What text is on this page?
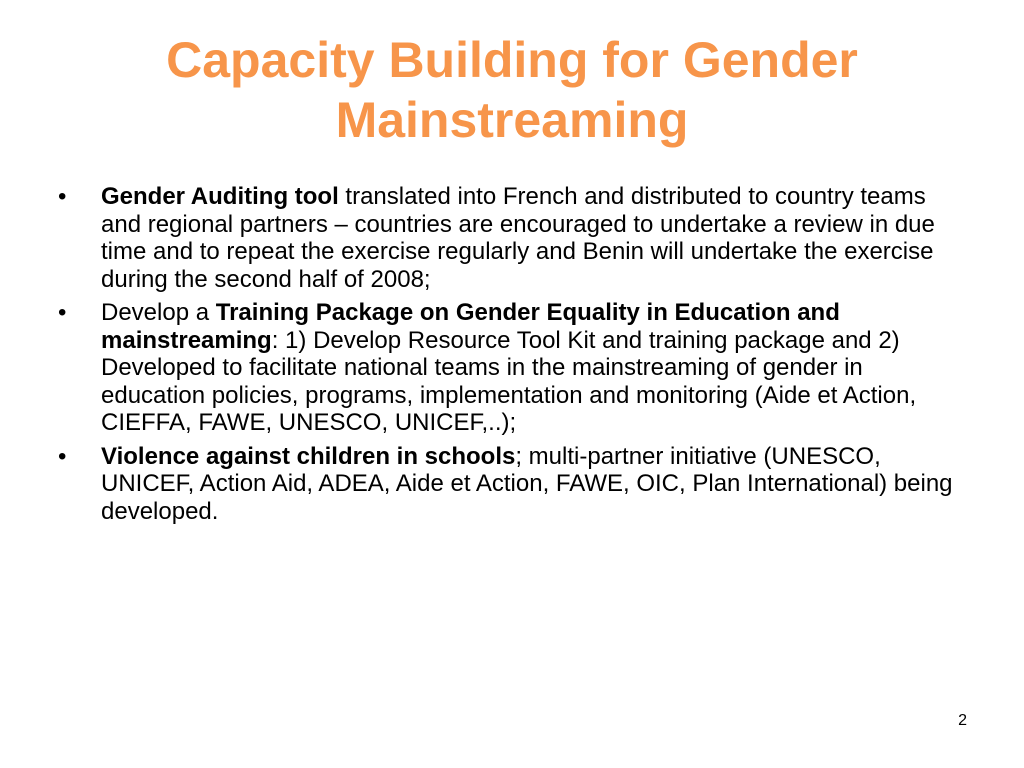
Capacity Building for Gender
Mainstreaming
•	Gender Auditing tool translated into French and distributed to country teams and regional partners – countries are encouraged to undertake a review in due time and to repeat the exercise regularly and Benin will undertake the exercise during the second half of 2008;
•	Develop a Training Package on Gender Equality in Education and mainstreaming: 1) Develop Resource Tool Kit and training package and 2) Developed to facilitate national teams in the mainstreaming of gender in education policies, programs, implementation and monitoring (Aide et Action, CIEFFA, FAWE, UNESCO, UNICEF,..);
•	Violence against children in schools; multi-partner initiative (UNESCO, UNICEF, Action Aid, ADEA, Aide et Action, FAWE, OIC, Plan International) being developed.
2
